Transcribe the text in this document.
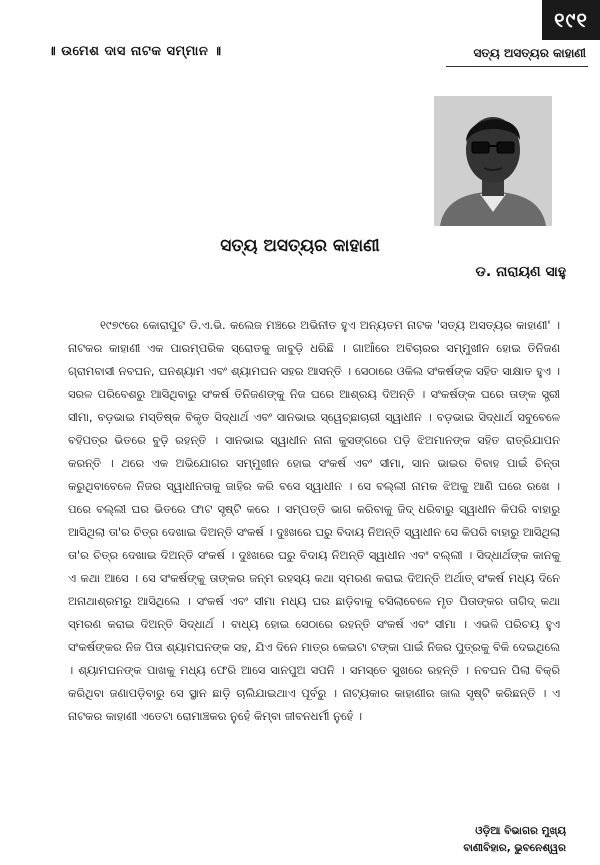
୧୯୧
॥ ଉମେଶ ଦାସ ନାଟକ ସମ୍ମାନ ॥	ସତ୍ୟ ଅସତ୍ୟର କାହାଣୀ
ସତ୍ୟ ଅସତ୍ୟର କାହାଣୀ
ଡ. ନାରାୟଣ ସାହୁ

୧୯୭୯ରେ କୋରାପୁଟ ଡି.ଏ.ଭି. କଲେଜ ମଞ୍ଚରେ ଅଭିନୀତ ହୁଏ ଅନ୍ୟତମ ନାଟକ 'ସତ୍ୟ ଅସତ୍ୟର କାହାଣୀ' । ନାଟକର କାହାଣୀ ଏକ ପାରମ୍ପରିକ ସ୍ରୋତକୁ ଜାବୁଡ଼ି ଧରିଛି । ଗାଆଁରେ ଅବିଚାରର ସମ୍ମୁଖୀନ ହୋଇ ତିନିଜଣ ଗ୍ରାମବାସୀ ନବଘନ, ଘନଶ୍ୟାମ ଏବଂ ଶ୍ୟାମଘନ ସହର ଆସନ୍ତି । ସେଠାରେ ଓକିଲ ସଂକର୍ଷଙ୍କ ସହିତ ସାକ୍ଷାତ ହୁଏ । ସରଳ ପରିବେଶରୁ ଆସିଥିବାରୁ ସଂକର୍ଷ ତିନିଜଣଙ୍କୁ ନିଜ ଘରେ ଆଶ୍ରୟ ଦିଅନ୍ତି । ସଂକର୍ଷଙ୍କ ଘରେ ତାଙ୍କ ସ୍ତ୍ରୀ ସୀମା, ବଡ଼ଭାଇ ମସ୍ତିଷ୍କ ବିକୃତ ସିଦ୍ଧାର୍ଥ ଏବଂ ସାନଭାଇ ସ୍ୱେଚ୍ଛାଚାରୀ ସ୍ୱାଧୀନ । ବଡ଼ଭାଇ ସିଦ୍ଧାର୍ଥ ସବୁବେଳେ ବହିପତ୍ର ଭିତରେ ବୁଡ଼ି ରହନ୍ତି । ସାନଭାଇ ସ୍ୱାଧୀନ ନାନା କୁସଙ୍ଗରେ ପଡ଼ି ଝିଅମାନଙ୍କ ସହିତ ରାତ୍ରିଯାପନ କରନ୍ତି । ଥରେ ଏକ ଅଭିଯୋଗର ସମ୍ମୁଖୀନ ହୋଇ ସଂକର୍ଷ ଏବଂ ସୀମା, ସାନ ଭାଇର ବିବାହ ପାଇଁ ଚିନ୍ତା କରୁଥିବାବେଳେ ନିଜର ସ୍ୱାଧୀନତାକୁ ଜାହିର କରି ବସେ ସ୍ୱାଧୀନ । ସେ ବଲ୍ଲୀ ନାମକ ଝିଅକୁ ଆଣି ଘରେ ରଖେ । ପରେ ବଲ୍ଲୀ ଘର ଭିତରେ ଫାଟ ସୃଷ୍ଟି କରେ । ସମ୍ପତ୍ତି ଭାଗ କରିବାକୁ ଜିଦ୍ ଧରିବାରୁ ସ୍ୱାଧୀନ କିପରି ବାହାରୁ ଆସିଥିଲା ତା'ର ଚିତ୍ର ଦେଖାଇ ଦିଅନ୍ତି ସଂକର୍ଷ । ଦୁଃଖରେ ଘରୁ ବିଦାୟ ନିଅନ୍ତି ସ୍ୱାଧୀନ ସେ କିପରି ବାହାରୁ ଆସିଥିଲା ତା'ର ଚିତ୍ର ଦେଖାଇ ଦିଅନ୍ତି ସଂକର୍ଷ । ଦୁଃଖରେ ଘରୁ ବିଦାୟ ନିଅନ୍ତି ସ୍ୱାଧୀନ ଏବଂ ବଲ୍ଲୀ । ସିଦ୍ଧାର୍ଥଙ୍କ କାନକୁ ଏ କଥା ଆସେ । ସେ ସଂକର୍ଷଙ୍କୁ ତାଙ୍କର ଜନ୍ମ ରହସ୍ୟ କଥା ସ୍ମରଣ କରାଇ ଦିଅନ୍ତି ଅର୍ଥାତ୍ ସଂକର୍ଷ ମଧ୍ୟ ଦିନେ ଅନାଥାଶ୍ରମରୁ ଆସିଥିଲେ । ସଂକର୍ଷ ଏବଂ ସୀମା ମଧ୍ୟ ଘର ଛାଡ଼ିବାକୁ ବସିଲାବେଳେ ମୃତ ପିତାଙ୍କର ତାଗିଦ୍ କଥା ସ୍ମରଣ କରାଇ ଦିଅନ୍ତି ସିଦ୍ଧାର୍ଥ । ବାଧ୍ୟ ହୋଇ ସେଠାରେ ରହନ୍ତି ସଂକର୍ଷ ଏବଂ ସୀମା । ଏଭଳି ପରିଚୟ ହୁଏ ସଂକର୍ଷଙ୍କର ନିଜ ପିତା ଶ୍ୟାମଘନଙ୍କ ସହ, ଯିଏ ଦିନେ ମାତ୍ର କେଇଟା ଟଙ୍କା ପାଇଁ ନିଜର ପୁତ୍ରକୁ ବିକି ଦେଇଥିଲେ । ଶ୍ୟାମଘନଙ୍କ ପାଖକୁ ମଧ୍ୟ ଫେରି ଆସେ ସାନପୁଅ ସପନି । ସମସ୍ତେ ସୁଖରେ ରହନ୍ତି । ନବଘନ ପିଲା ବିକ୍ରି କରିଥିବା ଜଣାପଡ଼ିବାରୁ ସେ ସ୍ଥାନ ଛାଡ଼ି ଚାଲିଯାଇଥାଏ ପୂର୍ବରୁ । ନାଟ୍ୟକାର କାହାଣୀର ଜାଲ ସୃଷ୍ଟି କରିଛନ୍ତି । ଏ ନାଟକର କାହାଣୀ ଏତେଟା ରୋମାଞ୍ଚକର ନୁହେଁ କିମ୍ବା ଜୀବନଧର୍ମୀ ନୁହେଁ ।

ଓଡ଼ିଆ ବିଭାଗର ମୁଖ୍ୟ
ବାଣୀବିହାର, ଭୁବନେଶ୍ୱର
